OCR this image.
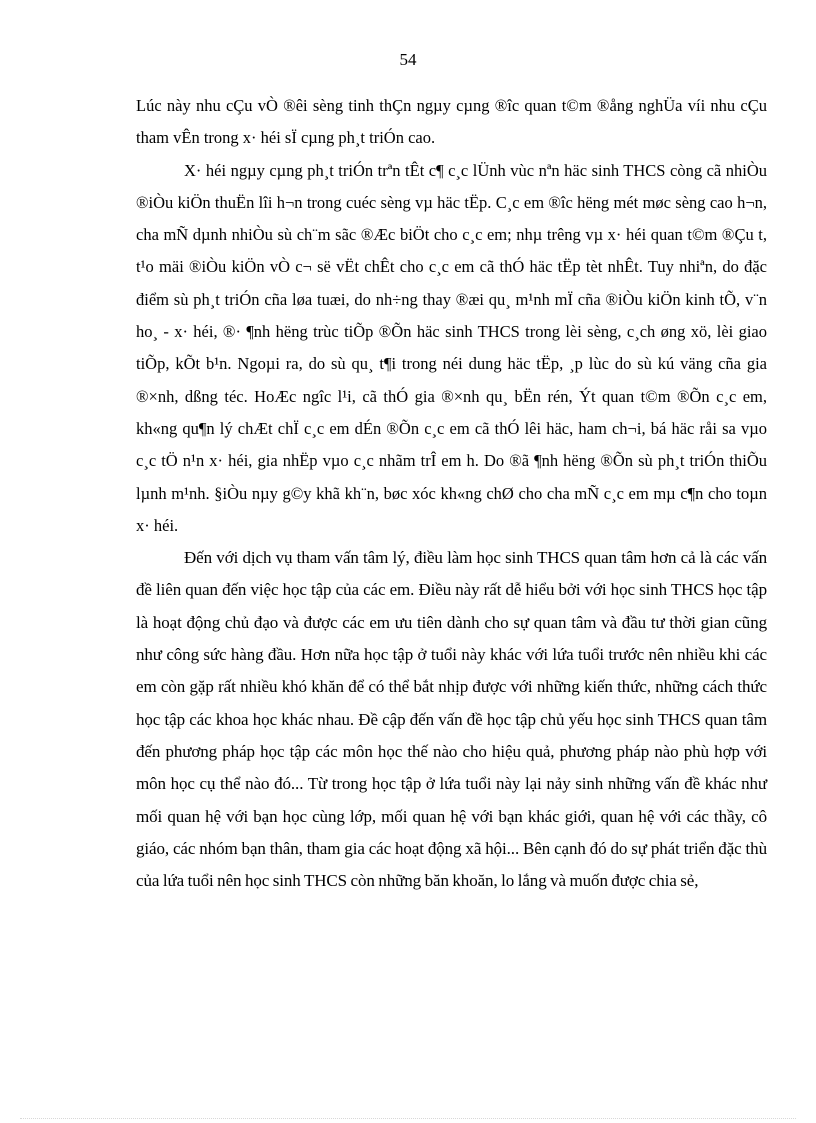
54

Lúc này nhu cÇu vÒ ®êi sèng tinh thÇn ngµy cµng ®îc quan t©m ®ång nghÜa víi nhu cÇu tham vÊn trong x· héi sÏ cµng ph¸t triÓn cao.

X· héi ngµy cµng ph¸t triÓn trªn tÊt c¶ c¸c lÜnh vùc nªn häc sinh THCS còng cã nhiÒu ®iÒu kiÖn thuËn lîi h¬n trong cuéc sèng vµ häc tËp. C¸c em ®îc hëng mét møc sèng cao h¬n, cha mÑ dµnh nhiÒu sù ch¨m sãc ®Æc biÖt cho c¸c em; nhµ trêng vµ x· héi quan t©m ®Çu t, t¹o mäi ®iÒu kiÖn vÒ c¬ së vËt chÊt cho c¸c em cã thÓ häc tËp tèt nhÊt. Tuy nhiªn, do đặc điểm sù ph¸t triÓn cña løa tuæi, do nh÷ng thay ®æi qu¸ m¹nh mÏ cña ®iÒu kiÖn kinh tÕ, v¨n ho¸ - x· héi, ®· ¶nh hëng trùc tiÕp ®Õn häc sinh THCS trong lèi sèng, c¸ch øng xö, lèi giao tiÕp, kÕt b¹n. Ngoµi ra, do sù qu¸ t¶i trong néi dung häc tËp, ¸p lùc do sù kú väng cña gia ®×nh, dßng téc. HoÆc ngîc l¹i, cã thÓ gia ®×nh qu¸ bËn rén, Ýt quan t©m ®Õn c¸c em, kh«ng qu¶n lý chÆt chÏ c¸c em dÉn ®Õn c¸c em cã thÓ lêi häc, ham ch¬i, bá häc råi sa vµo c¸c tÖ n¹n x· héi, gia nhËp vµo c¸c nhãm trÎ em h. Do ®ã ¶nh hëng ®Õn sù ph¸t triÓn thiÕu lµnh m¹nh. §iÒu nµy g©y khã kh¨n, bøc xóc kh«ng chØ cho cha mÑ c¸c em mµ c¶n cho toµn x· héi.

Đến với dịch vụ tham vấn tâm lý, điều làm học sinh THCS quan tâm hơn cả là các vấn đề liên quan đến việc học tập của các em. Điều này rất dễ hiểu bởi với học sinh THCS học tập là hoạt động chủ đạo và được các em ưu tiên dành cho sự quan tâm và đầu tư thời gian cũng như công sức hàng đầu. Hơn nữa học tập ở tuổi này khác với lứa tuổi trước nên nhiều khi các em còn gặp rất nhiều khó khăn để có thể bắt nhịp được với những kiến thức, những cách thức học tập các khoa học khác nhau. Đề cập đến vấn đề học tập chủ yếu học sinh THCS quan tâm đến phương pháp học tập các môn học thế nào cho hiệu quả, phương pháp nào phù hợp với môn học cụ thể nào đó... Từ trong học tập ở lứa tuổi này lại nảy sinh những vấn đề khác như mối quan hệ với bạn học cùng lớp, mối quan hệ với bạn khác giới, quan hệ với các thầy, cô giáo, các nhóm bạn thân, tham gia các hoạt động xã hội... Bên cạnh đó do sự phát triển đặc thù của lứa tuổi nên học sinh THCS còn những băn khoăn, lo lắng và muốn được chia sẻ,
